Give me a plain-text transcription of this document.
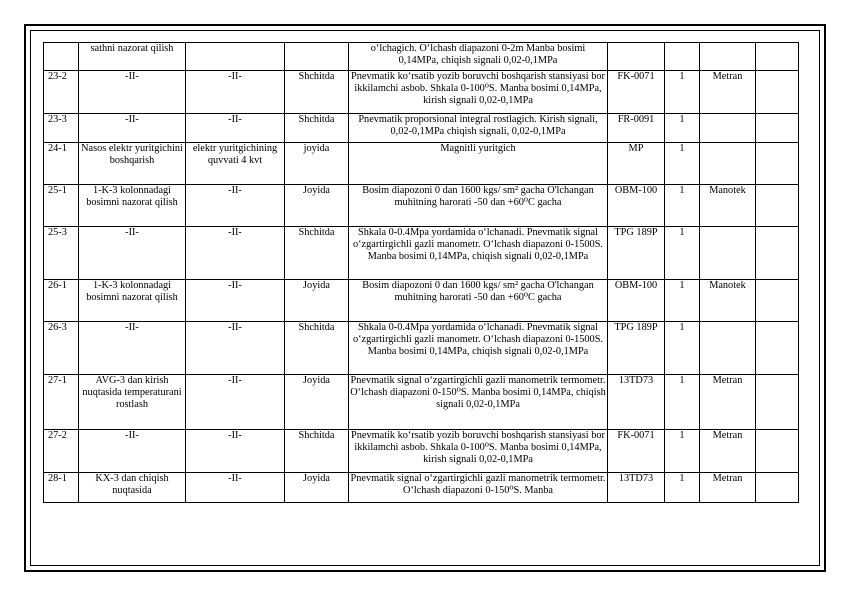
	sathni nazorat qilish			o‘lchagich. O‘lchash diapazoni 0-2m Manba bosimi 0,14MPa, chiqish signali 0,02-0,1MPa				
23-2	-II-	-II-	Shchitda	Pnevmatik ko‘rsatib yozib boruvchi boshqarish stansiyasi bor ikkilamchi asbob. Shkala 0-100⁰S. Manba bosimi 0,14MPa, kirish signali 0,02-0,1MPa	FK-0071	1	Metran	
23-3	-II-	-II-	Shchitda	Pnevmatik proporsional integral rostlagich. Kirish signali, 0,02-0,1MPa chiqish signali, 0,02-0,1MPa	FR-0091	1		
24-1	Nasos elektr yuritgichini boshqarish	elektr yuritgichining quvvati 4 kvt	joyida	Magnitli yuritgich	MP	1		
25-1	1-K-3 kolonnadagi bosimni nazorat qilish	-II-	Joyida	Bosim diapozoni 0 dan 1600 kgs/ sm² gacha O'lchangan muhitning harorati -50 dan +60⁰C gacha	OBM-100	1	Manotek	
25-3	-II-	-II-	Shchitda	Shkala 0-0.4Mpa yordamida o‘lchanadi. Pnevmatik signal o‘zgartirgichli gazli manometr. O‘lchash diapazoni 0-1500S. Manba bosimi 0,14MPa, chiqish signali 0,02-0,1MPa	TPG 189P	1		
26-1	1-K-3 kolonnadagi bosimni nazorat qilish	-II-	Joyida	Bosim diapozoni 0 dan 1600 kgs/ sm² gacha O'lchangan muhitning harorati -50 dan +60⁰C gacha	OBM-100	1	Manotek	
26-3	-II-	-II-	Shchitda	Shkala 0-0.4Mpa yordamida o‘lchanadi. Pnevmatik signal o‘zgartirgichli gazli manometr. O‘lchash diapazoni 0-1500S. Manba bosimi 0,14MPa, chiqish signali 0,02-0,1MPa	TPG 189P	1		
27-1	AVG-3 dan kirish nuqtasida temperaturani rostlash	-II-	Joyida	Pnevmatik signal o‘zgartirgichli gazli manometrik termometr. O‘lchash diapazoni 0-150⁰S. Manba bosimi 0,14MPa, chiqish signali 0,02-0,1MPa	13TD73	1	Metran	
27-2	-II-	-II-	Shchitda	Pnevmatik ko‘rsatib yozib boruvchi boshqarish stansiyasi bor ikkilamchi asbob. Shkala 0-100⁰S. Manba bosimi 0,14MPa, kirish signali 0,02-0,1MPa	FK-0071	1	Metran	
28-1	KX-3 dan chiqish nuqtasida	-II-	Joyida	Pnevmatik signal o‘zgartirgichli gazli manometrik termometr. O‘lchash diapazoni 0-150⁰S. Manba	13TD73	1	Metran	
